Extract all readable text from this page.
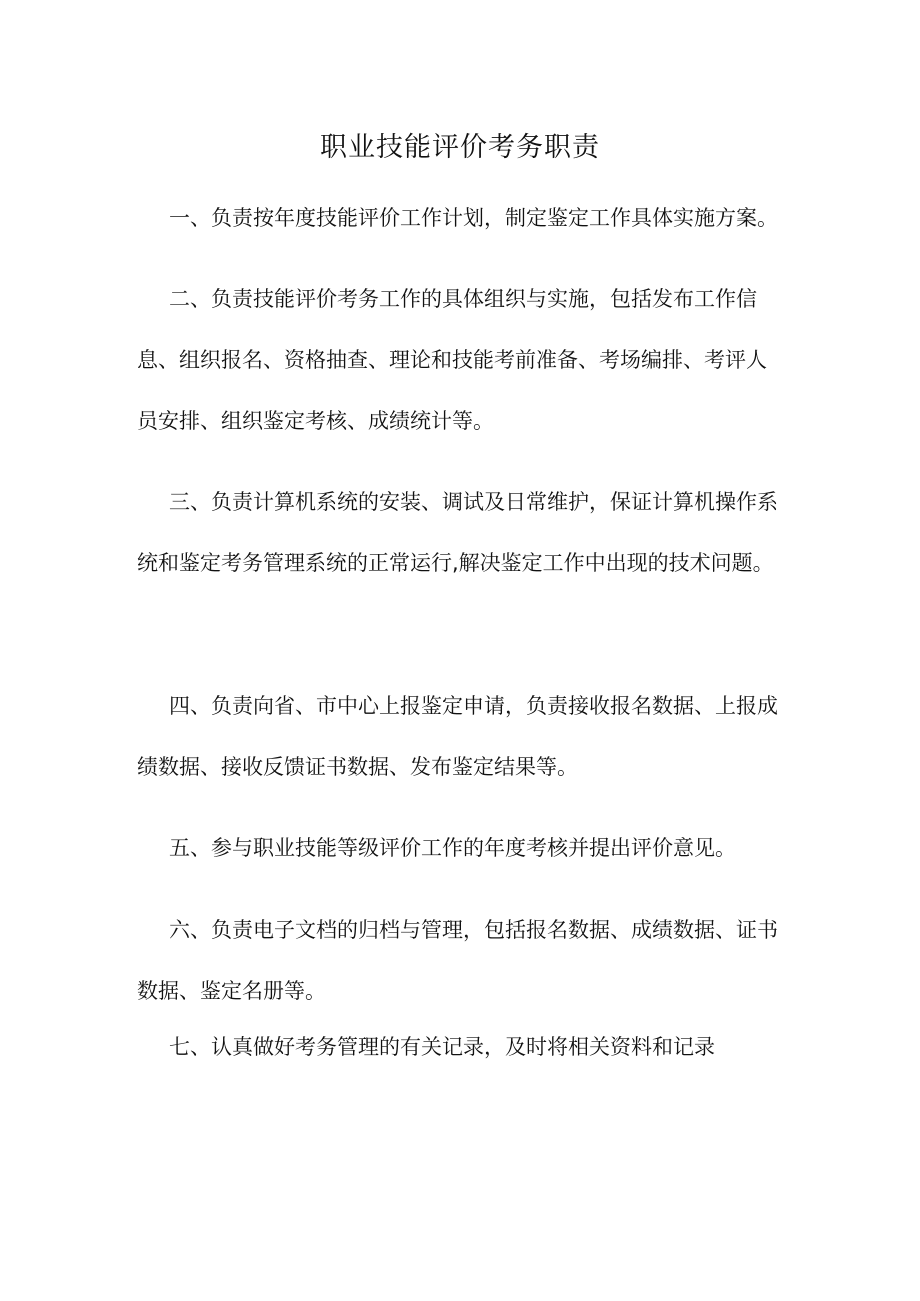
职业技能评价考务职责

一、负责按年度技能评价工作计划，制定鉴定工作具体实施方案。

二、负责技能评价考务工作的具体组织与实施，包括发布工作信息、组织报名、资格抽查、理论和技能考前准备、考场编排、考评人员安排、组织鉴定考核、成绩统计等。

三、负责计算机系统的安装、调试及日常维护，保证计算机操作系统和鉴定考务管理系统的正常运行,解决鉴定工作中出现的技术问题。

四、负责向省、市中心上报鉴定申请，负责接收报名数据、上报成绩数据、接收反馈证书数据、发布鉴定结果等。

五、参与职业技能等级评价工作的年度考核并提出评价意见。

六、负责电子文档的归档与管理，包括报名数据、成绩数据、证书数据、鉴定名册等。

七、认真做好考务管理的有关记录，及时将相关资料和记录
